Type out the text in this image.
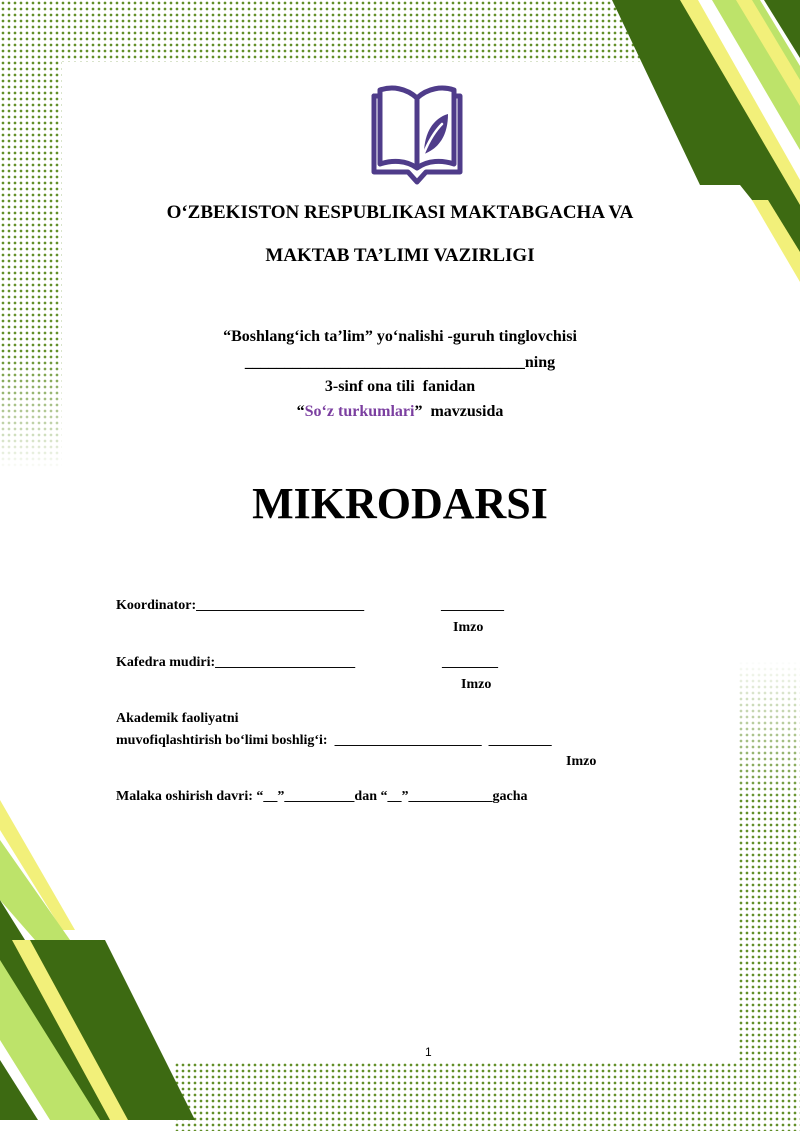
O‘ZBEKISTON RESPUBLIKASI MAKTABGACHA VA

MAKTAB TA’LIMI VAZIRLIGI

“Boshlang‘ich ta’lim” yo‘nalishi -guruh tinglovchisi

___________________________________ning

3-sinf ona tili  fanidan

“So‘z turkumlari”  mavzusida

MIKRODARSI

Koordinator:________________________	_________

Imzo

Kafedra mudiri:____________________	________

Imzo

Akademik faoliyatni

muvofiqlashtirish bo‘limi boshlig‘i:  _____________________  _________

Imzo

Malaka oshirish davri: “__”__________dan “__”____________gacha

1
